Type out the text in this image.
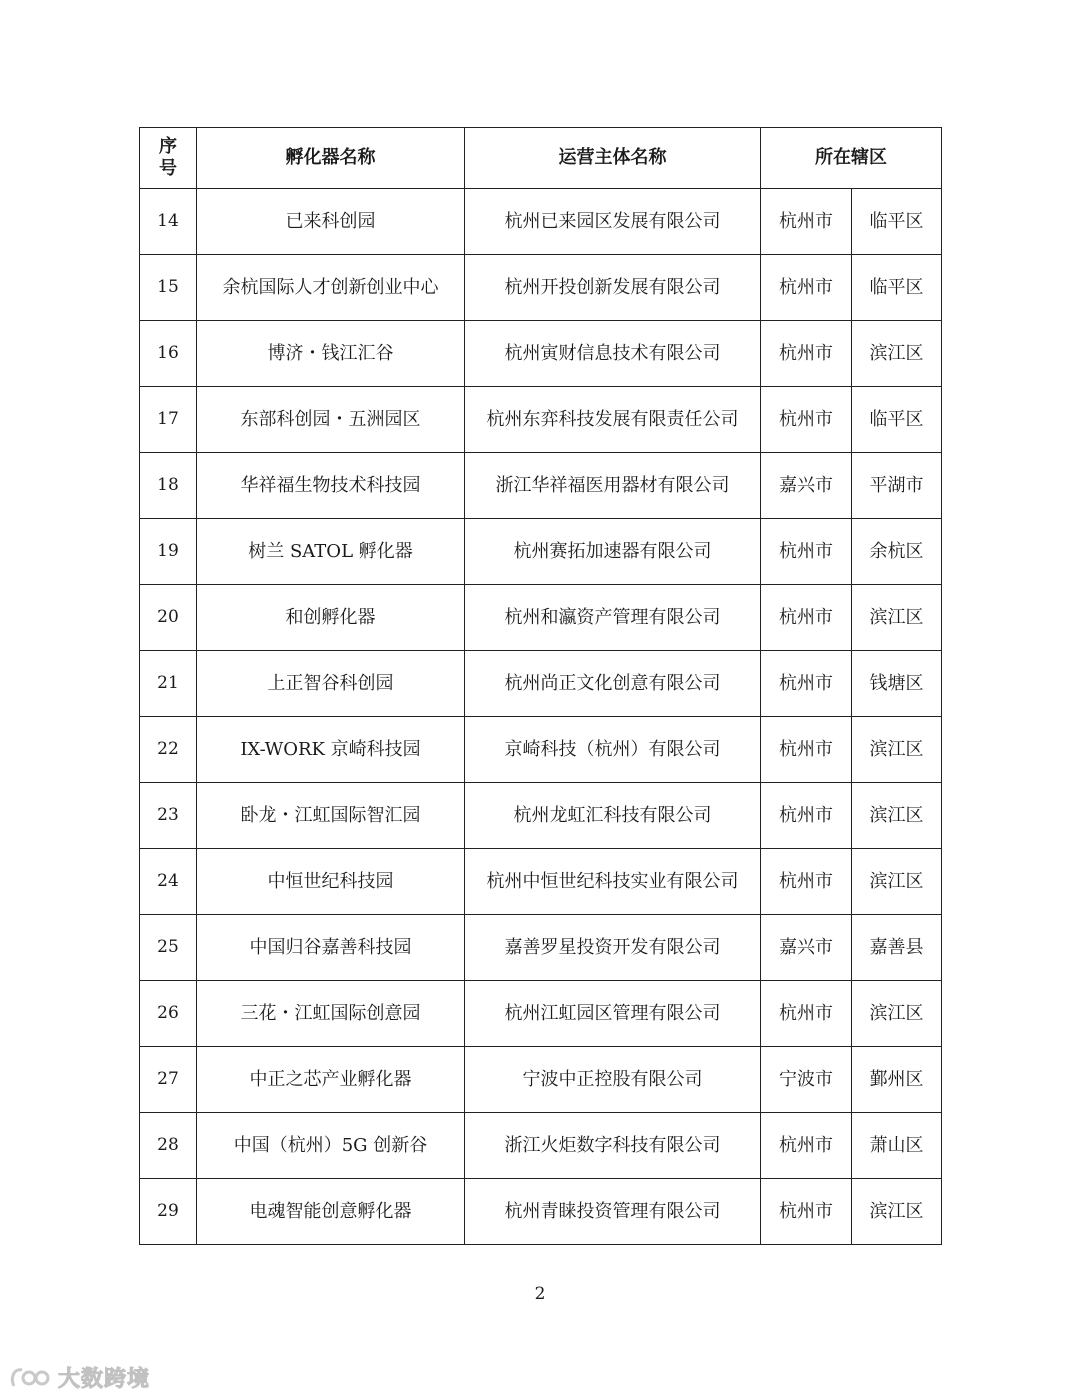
序
号	孵化器名称	运营主体名称	所在辖区	
14	已来科创园	杭州已来园区发展有限公司	杭州市	临平区
15	余杭国际人才创新创业中心	杭州开投创新发展有限公司	杭州市	临平区
16	博济・钱江汇谷	杭州寅财信息技术有限公司	杭州市	滨江区
17	东部科创园・五洲园区	杭州东弈科技发展有限责任公司	杭州市	临平区
18	华祥福生物技术科技园	浙江华祥福医用器材有限公司	嘉兴市	平湖市
19	树兰 SATOL 孵化器	杭州赛拓加速器有限公司	杭州市	余杭区
20	和创孵化器	杭州和瀛资产管理有限公司	杭州市	滨江区
21	上正智谷科创园	杭州尚正文化创意有限公司	杭州市	钱塘区
22	IX-WORK 京崎科技园	京崎科技（杭州）有限公司	杭州市	滨江区
23	卧龙・江虹国际智汇园	杭州龙虹汇科技有限公司	杭州市	滨江区
24	中恒世纪科技园	杭州中恒世纪科技实业有限公司	杭州市	滨江区
25	中国归谷嘉善科技园	嘉善罗星投资开发有限公司	嘉兴市	嘉善县
26	三花・江虹国际创意园	杭州江虹园区管理有限公司	杭州市	滨江区
27	中正之芯产业孵化器	宁波中正控股有限公司	宁波市	鄞州区
28	中国（杭州）5G 创新谷	浙江火炬数字科技有限公司	杭州市	萧山区
29	电魂智能创意孵化器	杭州青睐投资管理有限公司	杭州市	滨江区
2
大数跨境
